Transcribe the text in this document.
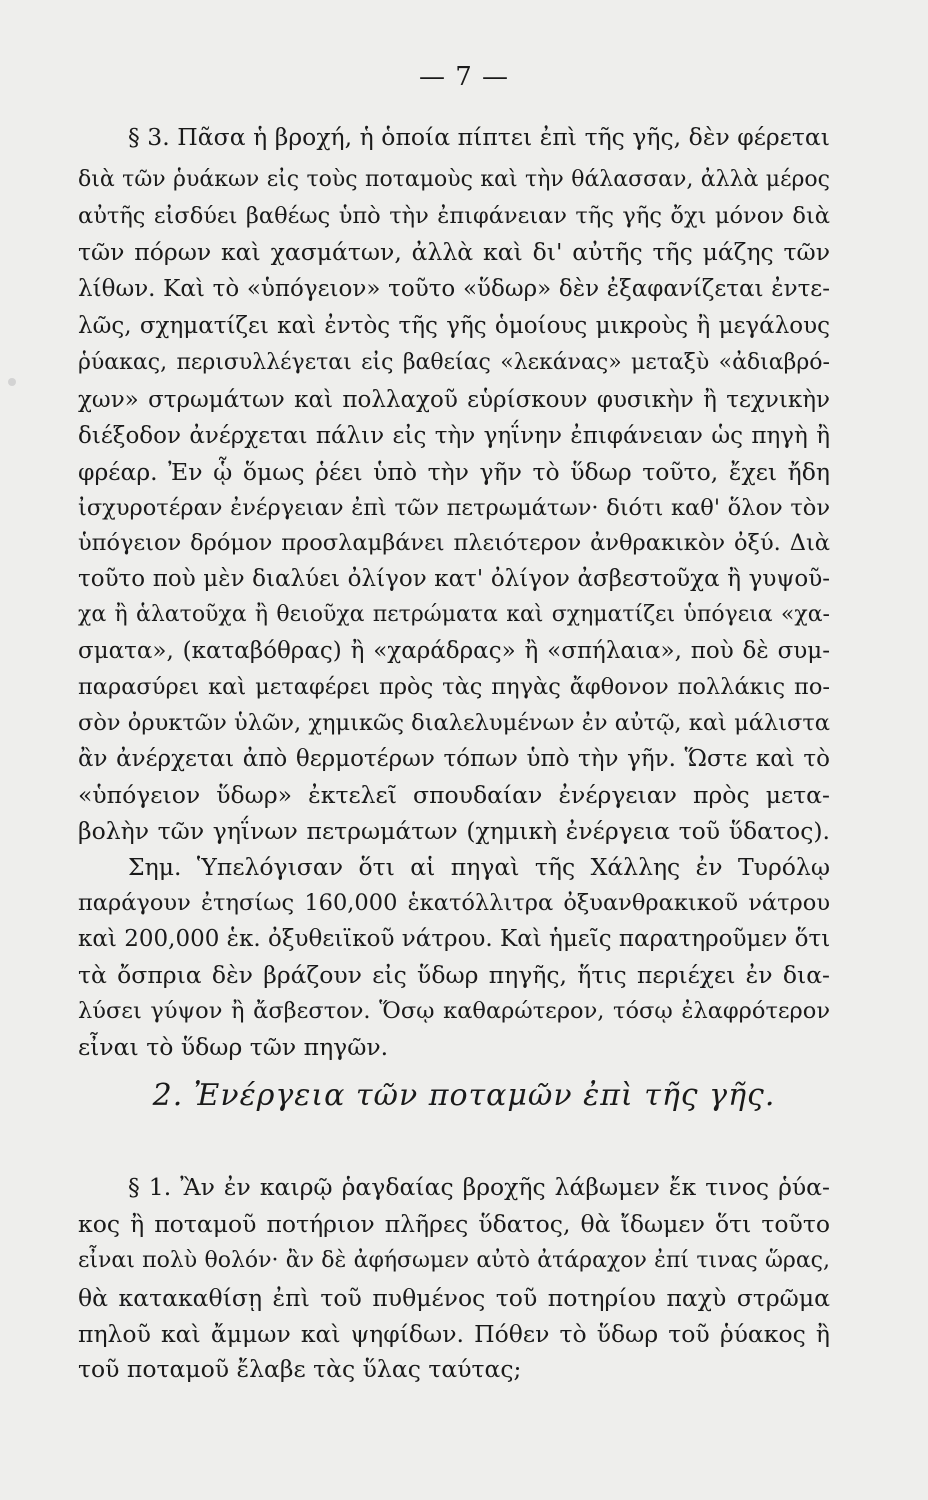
— 7 —
§ 3. Πᾶσα ἡ βροχή, ἡ ὁποία πίπτει ἐπὶ τῆς γῆς, δὲν φέρεται
διὰ τῶν ῥυάκων εἰς τοὺς ποταμοὺς καὶ τὴν θάλασσαν, ἀλλὰ μέρος
αὐτῆς εἰσδύει βαθέως ὑπὸ τὴν ἐπιφάνειαν τῆς γῆς ὄχι μόνον διὰ
τῶν πόρων καὶ χασμάτων, ἀλλὰ καὶ δι' αὐτῆς τῆς μάζης τῶν
λίθων. Καὶ τὸ «ὑπόγειον» τοῦτο «ὕδωρ» δὲν ἐξαφανίζεται ἐντε-
λῶς, σχηματίζει καὶ ἐντὸς τῆς γῆς ὁμοίους μικροὺς ἢ μεγάλους
ῥύακας, περισυλλέγεται εἰς βαθείας «λεκάνας» μεταξὺ «ἀδιαβρό-
χων» στρωμάτων καὶ πολλαχοῦ εὑρίσκουν φυσικὴν ἢ τεχνικὴν
διέξοδον ἀνέρχεται πάλιν εἰς τὴν γηΐνην ἐπιφάνειαν ὡς πηγὴ ἢ
φρέαρ. Ἐν ᾧ ὅμως ῥέει ὑπὸ τὴν γῆν τὸ ὕδωρ τοῦτο, ἔχει ἤδη
ἰσχυροτέραν ἐνέργειαν ἐπὶ τῶν πετρωμάτων· διότι καθ' ὅλον τὸν
ὑπόγειον δρόμον προσλαμβάνει πλειότερον ἀνθρακικὸν ὀξύ. Διὰ
τοῦτο ποὺ μὲν διαλύει ὀλίγον κατ' ὀλίγον ἀσβεστοῦχα ἢ γυψοῦ-
χα ἢ ἁλατοῦχα ἢ θειοῦχα πετρώματα καὶ σχηματίζει ὑπόγεια «χα-
σματα», (καταβόθρας) ἢ «χαράδρας» ἢ «σπήλαια», ποὺ δὲ συμ-
παρασύρει καὶ μεταφέρει πρὸς τὰς πηγὰς ἄφθονον πολλάκις πο-
σὸν ὀρυκτῶν ὑλῶν, χημικῶς διαλελυμένων ἐν αὐτῷ, καὶ μάλιστα
ἂν ἀνέρχεται ἀπὸ θερμοτέρων τόπων ὑπὸ τὴν γῆν. Ὥστε καὶ τὸ
«ὑπόγειον ὕδωρ» ἐκτελεῖ σπουδαίαν ἐνέργειαν πρὸς μετα-
βολὴν τῶν γηΐνων πετρωμάτων (χημικὴ ἐνέργεια τοῦ ὕδατος).
Σημ. Ὑπελόγισαν ὅτι αἱ πηγαὶ τῆς Χάλλης ἐν Τυρόλῳ
παράγουν ἐτησίως 160,000 ἑκατόλλιτρα ὀξυανθρακικοῦ νάτρου
καὶ 200,000 ἑκ. ὀξυθειϊκοῦ νάτρου. Καὶ ἡμεῖς παρατηροῦμεν ὅτι
τὰ ὄσπρια δὲν βράζουν εἰς ὕδωρ πηγῆς, ἥτις περιέχει ἐν δια-
λύσει γύψον ἢ ἄσβεστον. Ὅσῳ καθαρώτερον, τόσῳ ἐλαφρότερον
εἶναι τὸ ὕδωρ τῶν πηγῶν.
2. Ἐνέργεια τῶν ποταμῶν ἐπὶ τῆς γῆς.
§ 1. Ἂν ἐν καιρῷ ῥαγδαίας βροχῆς λάβωμεν ἔκ τινος ῥύα-
κος ἢ ποταμοῦ ποτήριον πλῆρες ὕδατος, θὰ ἴδωμεν ὅτι τοῦτο
εἶναι πολὺ θολόν· ἂν δὲ ἀφήσωμεν αὐτὸ ἀτάραχον ἐπί τινας ὥρας,
θὰ κατακαθίσῃ ἐπὶ τοῦ πυθμένος τοῦ ποτηρίου παχὺ στρῶμα
πηλοῦ καὶ ἄμμων καὶ ψηφίδων. Πόθεν τὸ ὕδωρ τοῦ ῥύακος ἢ
τοῦ ποταμοῦ ἔλαβε τὰς ὕλας ταύτας;
